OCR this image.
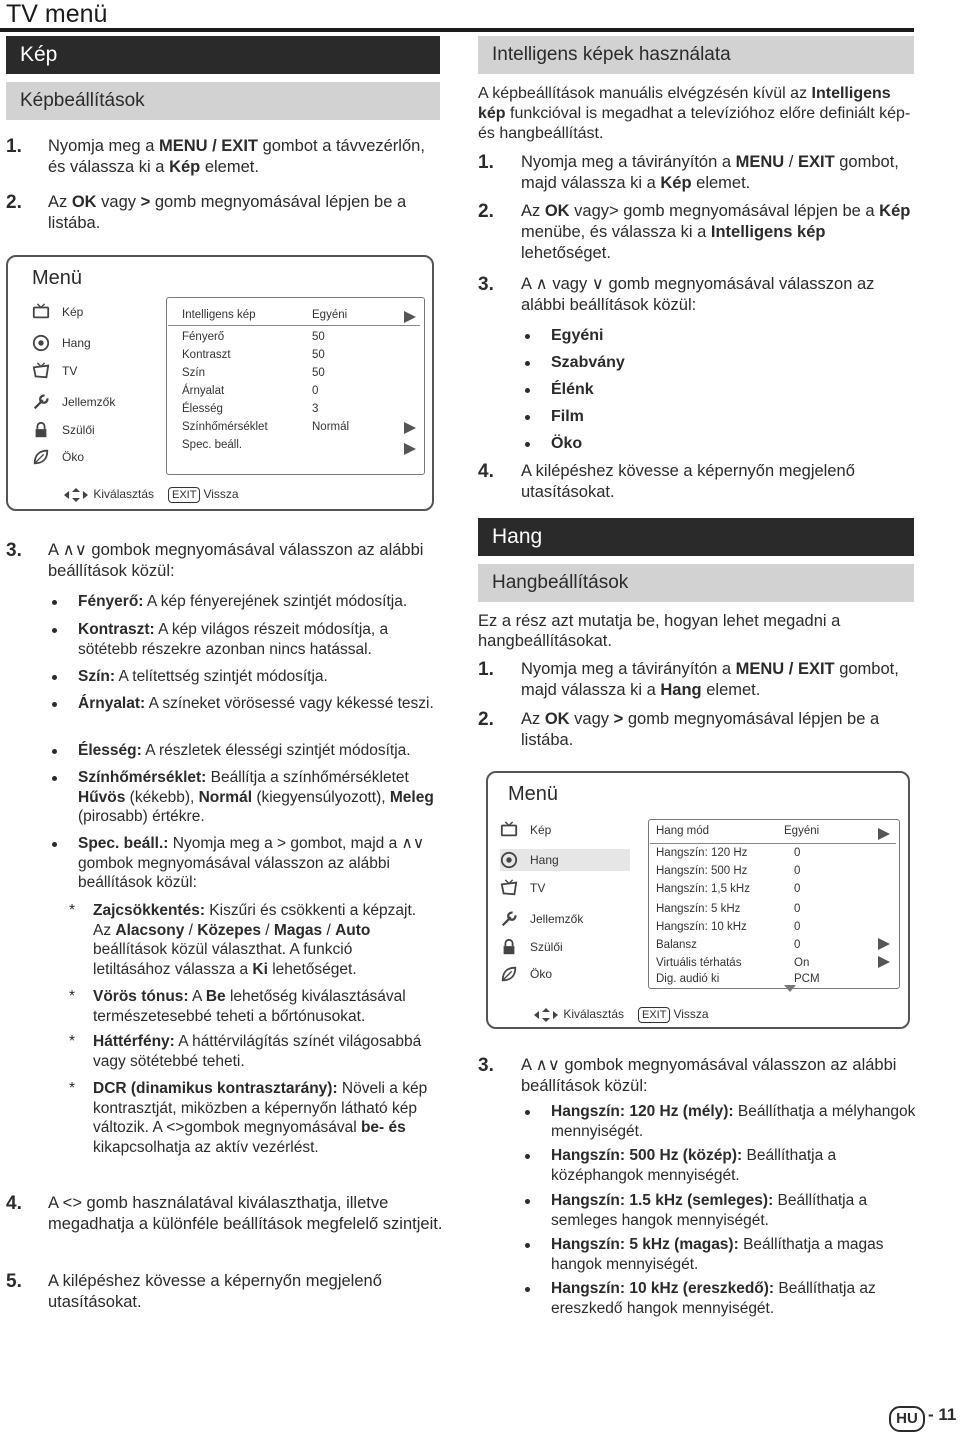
TV menü
Kép
Képbeállítások
1. Nyomja meg a MENU / EXIT gombot a távvezérlőn, és válassza ki a Kép elemet.
2. Az OK vagy > gomb megnyomásával lépjen be a listába.
Menü
Intelligens kép	Egyéni
Kiválasztás	EXIT Vissza
Kép
Hang
TV
Jellemzők
Szülői
Öko
Fényerő	50
Kontraszt	50
Szín	50
Árnyalat	0
Élesség	3
Színhőmérséklet	Normál
Spec. beáll.
3. A ∧∨ gombok megnyomásával válasszon az alábbi beállítások közül:
Fényerő: A kép fényerejének szintjét módosítja.
Kontraszt: A kép világos részeit módosítja, a sötétebb részekre azonban nincs hatással.
Szín: A telítettség szintjét módosítja.
Árnyalat: A színeket vörösessé vagy kékessé teszi.
Élesség: A részletek élességi szintjét módosítja.
Színhőmérséklet: Beállítja a színhőmérsékletet Hűvös (kékebb), Normál (kiegyensúlyozott), Meleg (pirosabb) értékre.
Spec. beáll.: Nyomja meg a > gombot, majd a ∧∨ gombok megnyomásával válasszon az alábbi beállítások közül:
* Zajcsökkentés: Kiszűri és csökkenti a képzajt. Az Alacsony / Közepes / Magas / Auto beállítások közül választhat. A funkció letiltásához válassza a Ki lehetőséget.
* Vörös tónus: A Be lehetőség kiválasztásával természetesebbé teheti a bőrtónusokat.
* Háttérfény: A háttérvilágítás színét világosabbá vagy sötétebbé teheti.
* DCR (dinamikus kontrasztarány): Növeli a kép kontrasztját, miközben a képernyőn látható kép változik. A <>gombok megnyomásával be- és kikapcsolhatja az aktív vezérlést.
4. A <> gomb használatával kiválaszthatja, illetve megadhatja a különféle beállítások megfelelő szintjeit.
5. A kilépéshez kövesse a képernyőn megjelenő utasításokat.
Intelligens képek használata
A képbeállítások manuális elvégzésén kívül az Intelligens kép funkcióval is megadhat a televízióhoz előre definiált kép- és hangbeállítást.
1. Nyomja meg a távirányítón a MENU / EXIT gombot, majd válassza ki a Kép elemet.
2. Az OK vagy> gomb megnyomásával lépjen be a Kép menübe, és válassza ki a Intelligens kép lehetőséget.
3. A ∧ vagy ∨ gomb megnyomásával válasszon az alábbi beállítások közül:
Egyéni
Szabvány
Élénk
Film
Öko
4. A kilépéshez kövesse a képernyőn megjelenő utasításokat.
Hang
Hangbeállítások
Ez a rész azt mutatja be, hogyan lehet megadni a hangbeállításokat.
1. Nyomja meg a távirányítón a MENU / EXIT gombot, majd válassza ki a Hang elemet.
2. Az OK vagy > gomb megnyomásával lépjen be a listába.
Menü
Hang mód	Egyéni
Kiválasztás	EXIT Vissza
Kép
Hang
TV
Jellemzők
Szülői
Öko
Hangszín: 120 Hz	0
Hangszín: 500 Hz	0
Hangszín: 1,5 kHz	0
Hangszín: 5 kHz	0
Hangszín: 10 kHz	0
Balansz	0
Virtuális térhatás	On
Dig. audió ki	PCM
3. A ∧∨ gombok megnyomásával válasszon az alábbi beállítások közül:
Hangszín: 120 Hz (mély): Beállíthatja a mélyhangok mennyiségét.
Hangszín: 500 Hz (közép): Beállíthatja a középhangok mennyiségét.
Hangszín: 1.5 kHz (semleges): Beállíthatja a semleges hangok mennyiségét.
Hangszín: 5 kHz (magas): Beállíthatja a magas hangok mennyiségét.
Hangszín: 10 kHz (ereszkedő): Beállíthatja az ereszkedő hangok mennyiségét.
HU - 11
